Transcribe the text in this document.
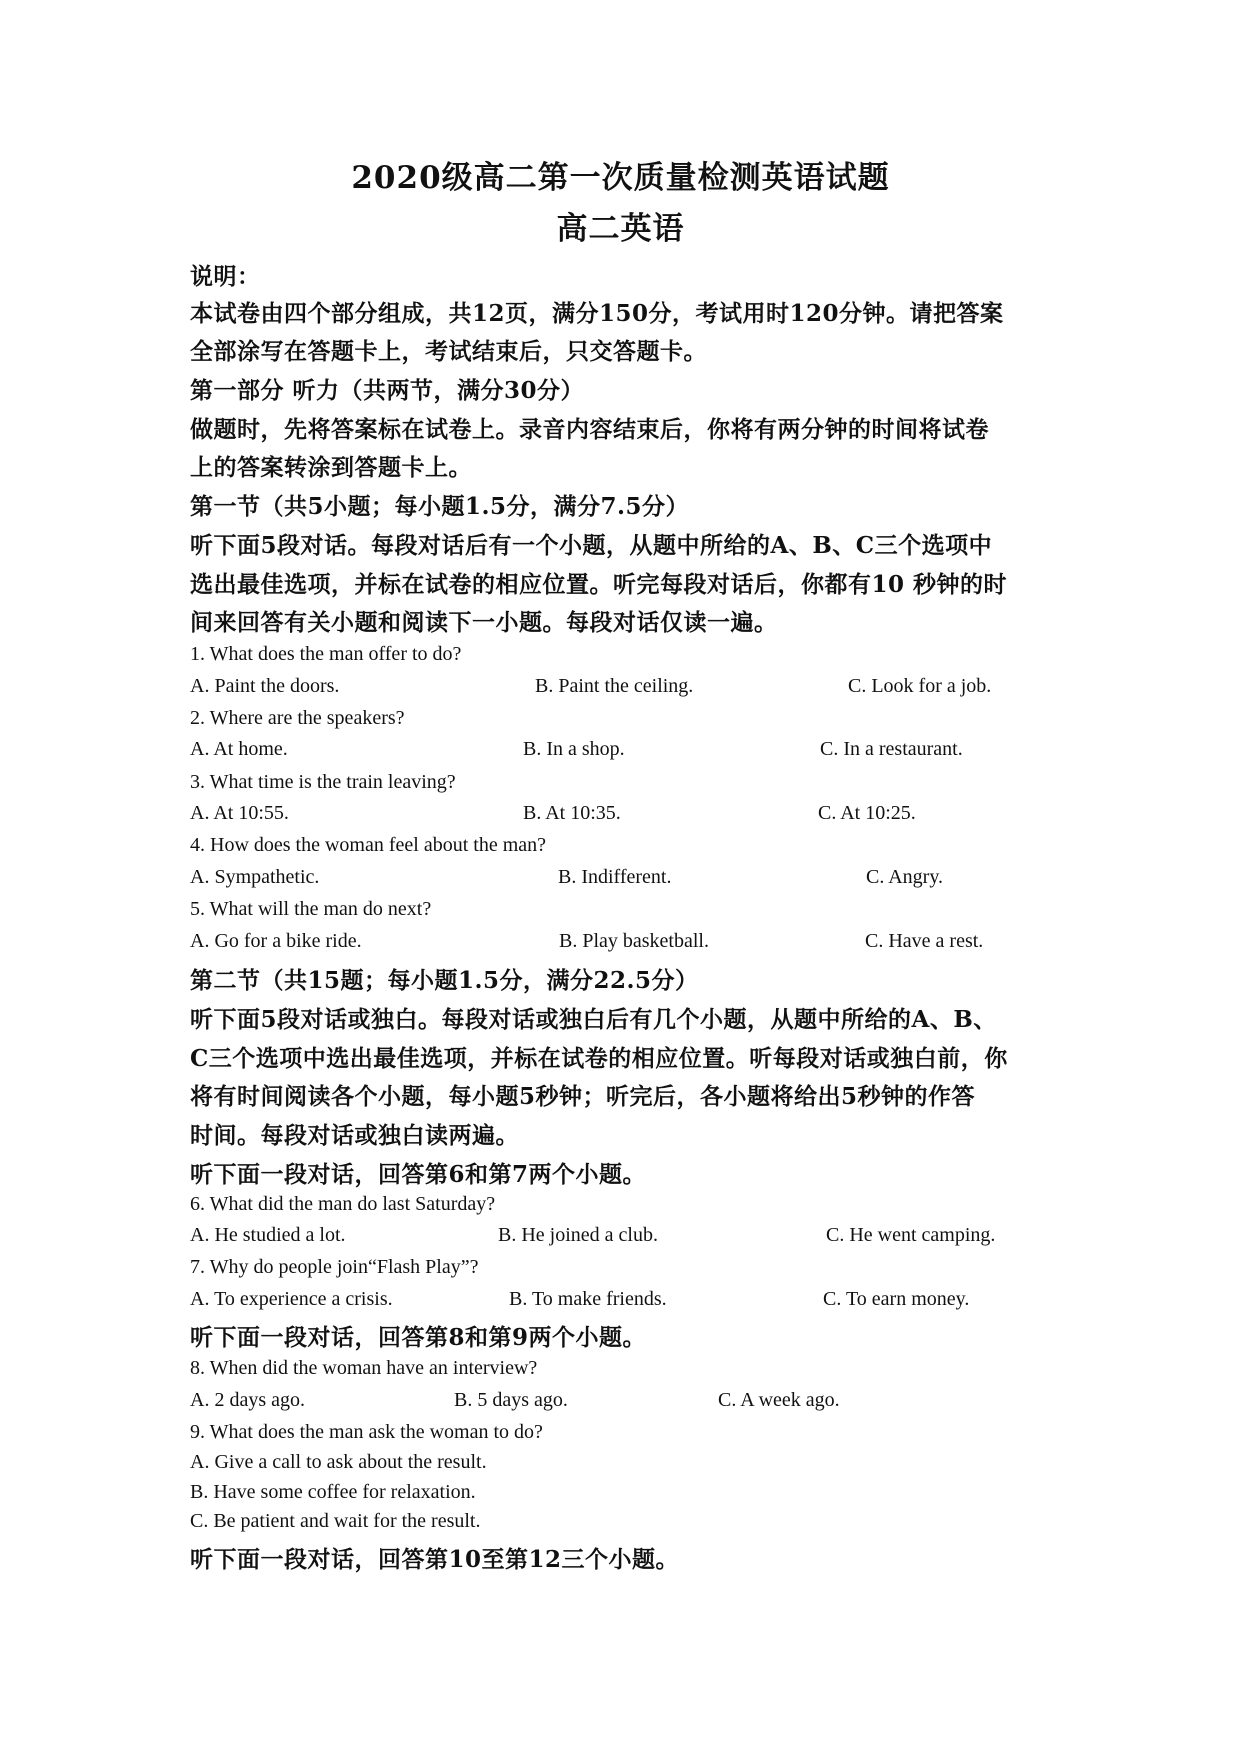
2020级高二第一次质量检测英语试题
高二英语
说明：
本试卷由四个部分组成，共12页，满分150分，考试用时120分钟。请把答案
全部涂写在答题卡上，考试结束后，只交答题卡。
第一部分 听力（共两节，满分30分）
做题时，先将答案标在试卷上。录音内容结束后，你将有两分钟的时间将试卷
上的答案转涂到答题卡上。
第一节（共5小题；每小题1.5分，满分7.5分）
听下面5段对话。每段对话后有一个小题，从题中所给的A、B、C三个选项中
选出最佳选项，并标在试卷的相应位置。听完每段对话后，你都有10 秒钟的时
间来回答有关小题和阅读下一小题。每段对话仅读一遍。
1. What does the man offer to do?
A. Paint the doors.	B. Paint the ceiling.	C. Look for a job.
2. Where are the speakers?
A. At home.	B. In a shop.	C. In a restaurant.
3. What time is the train leaving?
A. At 10:55.	B. At 10:35.	C. At 10:25.
4. How does the woman feel about the man?
A. Sympathetic.	B. Indifferent.	C. Angry.
5. What will the man do next?
A. Go for a bike ride.	B. Play basketball.	C. Have a rest.
第二节（共15题；每小题1.5分，满分22.5分）
听下面5段对话或独白。每段对话或独白后有几个小题，从题中所给的A、B、
C三个选项中选出最佳选项，并标在试卷的相应位置。听每段对话或独白前，你
将有时间阅读各个小题，每小题5秒钟；听完后，各小题将给出5秒钟的作答
时间。每段对话或独白读两遍。
听下面一段对话，回答第6和第7两个小题。
6. What did the man do last Saturday?
A. He studied a lot.	B. He joined a club.	C. He went camping.
7. Why do people join“Flash Play”?
A. To experience a crisis.	B. To make friends.	C. To earn money.
听下面一段对话，回答第8和第9两个小题。
8. When did the woman have an interview?
A. 2 days ago.	B. 5 days ago.	C. A week ago.
9. What does the man ask the woman to do?
A. Give a call to ask about the result.
B. Have some coffee for relaxation.
C. Be patient and wait for the result.
听下面一段对话，回答第10至第12三个小题。
